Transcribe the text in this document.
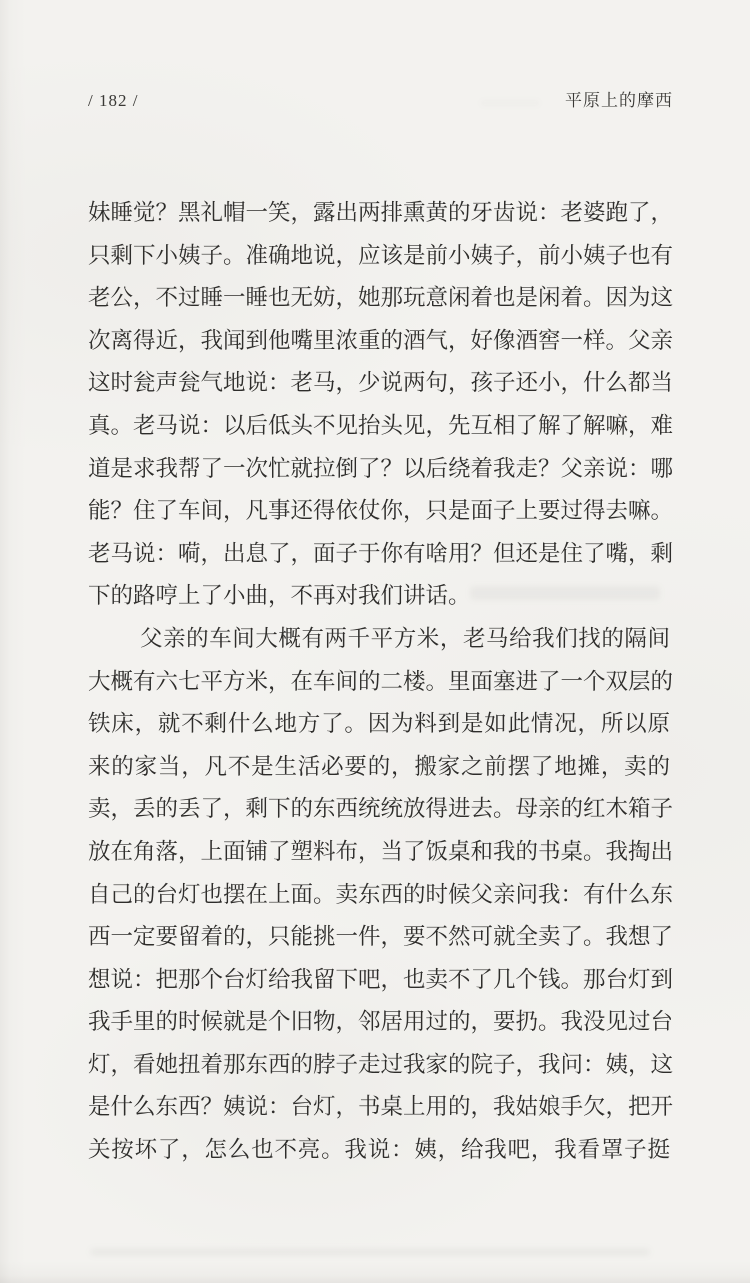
/ 182 /	平原上的摩西
妹睡觉？黑礼帽一笑，露出两排熏黄的牙齿说：老婆跑了，
只剩下小姨子。准确地说，应该是前小姨子，前小姨子也有
老公，不过睡一睡也无妨，她那玩意闲着也是闲着。因为这
次离得近，我闻到他嘴里浓重的酒气，好像酒窖一样。父亲
这时瓮声瓮气地说：老马，少说两句，孩子还小，什么都当
真。老马说：以后低头不见抬头见，先互相了解了解嘛，难
道是求我帮了一次忙就拉倒了？以后绕着我走？父亲说：哪
能？住了车间，凡事还得依仗你，只是面子上要过得去嘛。
老马说：嗬，出息了，面子于你有啥用？但还是住了嘴，剩
下的路哼上了小曲，不再对我们讲话。
父亲的车间大概有两千平方米，老马给我们找的隔间
大概有六七平方米，在车间的二楼。里面塞进了一个双层的
铁床，就不剩什么地方了。因为料到是如此情况，所以原
来的家当，凡不是生活必要的，搬家之前摆了地摊，卖的
卖，丢的丢了，剩下的东西统统放得进去。母亲的红木箱子
放在角落，上面铺了塑料布，当了饭桌和我的书桌。我掏出
自己的台灯也摆在上面。卖东西的时候父亲问我：有什么东
西一定要留着的，只能挑一件，要不然可就全卖了。我想了
想说：把那个台灯给我留下吧，也卖不了几个钱。那台灯到
我手里的时候就是个旧物，邻居用过的，要扔。我没见过台
灯，看她扭着那东西的脖子走过我家的院子，我问：姨，这
是什么东西？姨说：台灯，书桌上用的，我姑娘手欠，把开
关按坏了，怎么也不亮。我说：姨，给我吧，我看罩子挺
